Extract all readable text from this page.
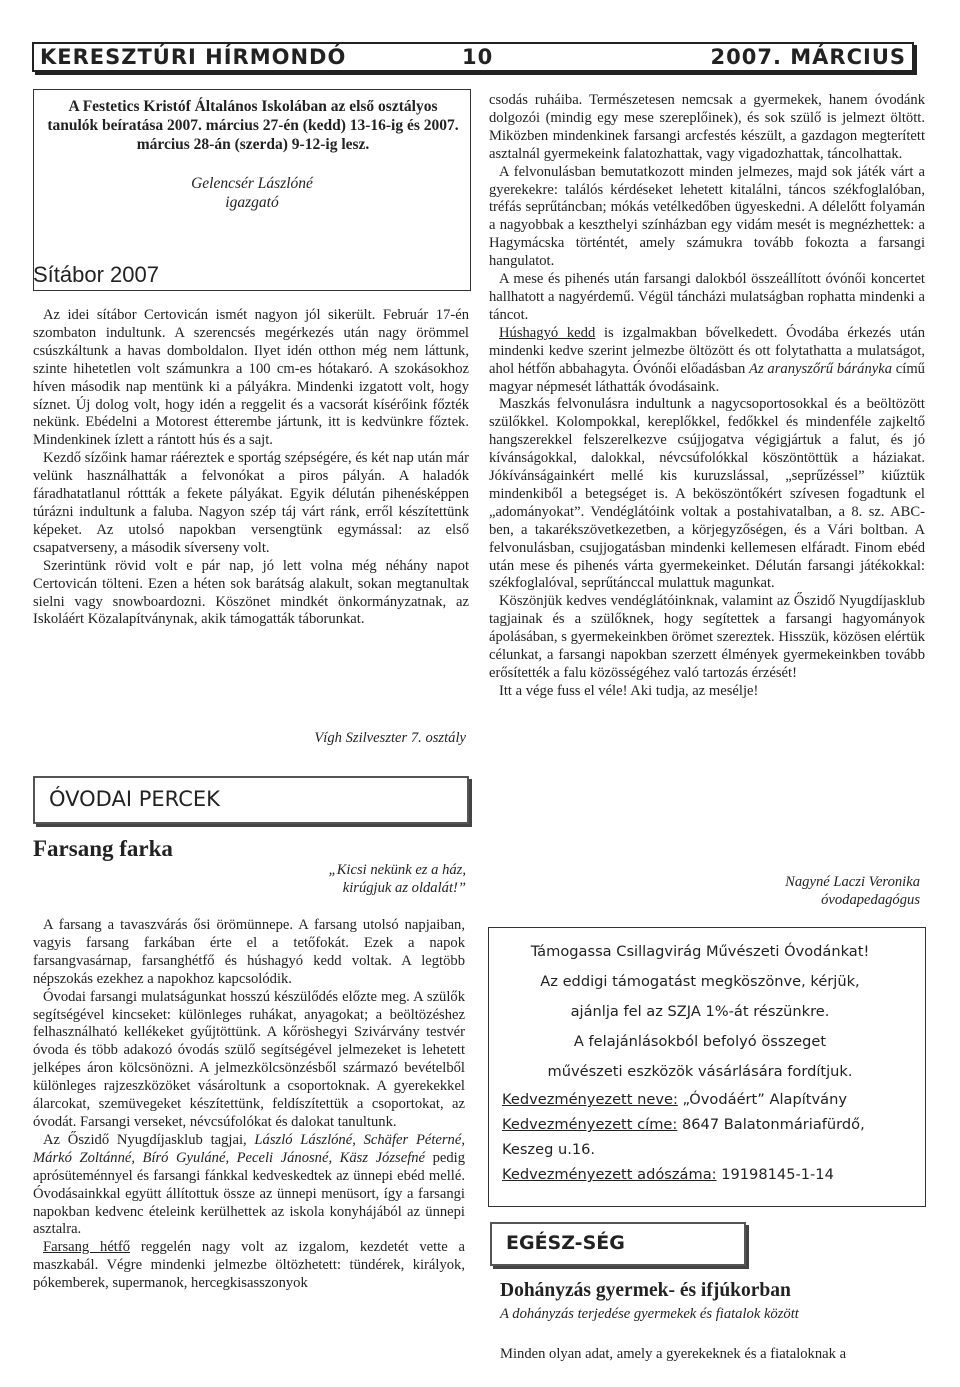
KERESZTÚRI HÍRMONDÓ	10	2007. MÁRCIUS
A Festetics Kristóf Általános Iskolában az első osztályos tanulók beíratása 2007. március 27-én (kedd) 13-16-ig és 2007. március 28-án (szerda) 9-12-ig lesz.
Gelencsér Lászlóné
igazgató
Sítábor 2007

Az idei sítábor Certovicán ismét nagyon jól sikerült. Február 17-én szombaton indultunk. A szerencsés megérkezés után nagy örömmel csúszkáltunk a havas domboldalon. Ilyet idén otthon még nem láttunk, szinte hihetetlen volt számunkra a 100 cm-es hótakaró. A szokásokhoz híven második nap mentünk ki a pályákra. Mindenki izgatott volt, hogy síznet. Új dolog volt, hogy idén a reggelit és a vacsorát kísérőink főzték nekünk. Ebédelni a Motorest étterembe jártunk, itt is kedvünkre főztek. Mindenkinek ízlett a rántott hús és a sajt.

Kezdő sízőink hamar ráéreztek e sportág szépségére, és két nap után már velünk használhatták a felvonókat a piros pályán. A haladók fáradhatatlanul róttták a fekete pályákat. Egyik délután pihenésképpen túrázni indultunk a faluba. Nagyon szép táj várt ránk, erről készítettünk képeket. Az utolsó napokban versengtünk egymással: az első csapatverseny, a második síverseny volt.

Szerintünk rövid volt e pár nap, jó lett volna még néhány napot Certovicán tölteni. Ezen a héten sok barátság alakult, sokan megtanultak sielni vagy snowboardozni. Köszönet mindkét önkormányzatnak, az Iskoláért Közalapítványnak, akik támogatták táborunkat.

Vígh Szilveszter 7. osztály
ÓVODAI PERCEK
Farsang farka
„Kicsi nekünk ez a ház,
kirúgjuk az oldalát!”

A farsang a tavaszvárás ősi örömünnepe. A farsang utolsó napjaiban, vagyis farsang farkában érte el a tetőfokát. Ezek a napok farsangvasárnap, farsanghétfő és húshagyó kedd voltak. A legtöbb népszokás ezekhez a napokhoz kapcsolódik.

Óvodai farsangi mulatságunkat hosszú készülődés előzte meg. A szülők segítségével kincseket: különleges ruhákat, anyagokat; a beöltözéshez felhasználható kellékeket gyűjtöttünk. A kőröshegyi Szivárvány testvér óvoda és több adakozó óvodás szülő segítségével jelmezeket is lehetett jelképes áron kölcsönözni. A jelmezkölcsönzésből származó bevételből különleges rajzeszközöket vásároltunk a csoportoknak. A gyerekekkel álarcokat, szemüvegeket készítettünk, feldíszítettük a csoportokat, az óvodát. Farsangi verseket, névcsúfolókat és dalokat tanultunk.

Az Őszidő Nyugdíjasklub tagjai, László Lászlóné, Schäfer Péterné, Márkó Zoltánné, Bíró Gyuláné, Peceli Jánosné, Käsz Józsefné pedig aprósüteménnyel és farsangi fánkkal kedveskedtek az ünnepi ebéd mellé. Óvodásainkkal együtt állítottuk össze az ünnepi menüsort, így a farsangi napokban kedvenc ételeink kerülhettek az iskola konyhájából az ünnepi asztalra.

Farsang hétfő reggelén nagy volt az izgalom, kezdetét vette a maszkabál. Végre mindenki jelmezbe öltözhetett: tündérek, királyok, pókemberek, supermanok, hercegkisasszonyok

csodás ruháiba. Természetesen nemcsak a gyermekek, hanem óvodánk dolgozói (mindig egy mese szereplőinek), és sok szülő is jelmezt öltött. Miközben mindenkinek farsangi arcfestés készült, a gazdagon megterített asztalnál gyermekeink falatozhattak, vagy vigadozhattak, táncolhattak.

A felvonulásban bemutatkozott minden jelmezes, majd sok játék várt a gyerekekre: találós kérdéseket lehetett kitalálni, táncos székfoglalóban, tréfás seprűtáncban; mókás vetélkedőben ügyeskedni. A délelőtt folyamán a nagyobbak a keszthelyi színházban egy vidám mesét is megnézhettek: a Hagymácska történtét, amely számukra tovább fokozta a farsangi hangulatot.

A mese és pihenés után farsangi dalokból összeállított óvónői koncertet hallhatott a nagyérdemű. Végül táncházi mulatságban rophatta mindenki a táncot.

Húshagyó kedd is izgalmakban bővelkedett. Óvodába érkezés után mindenki kedve szerint jelmezbe öltözött és ott folytathatta a mulatságot, ahol hétfőn abbahagyta. Óvónői előadásban Az aranyszőrű báránykа című magyar népmesét láthatták óvodásaink.

Maszkás felvonulásra indultunk a nagycsoportosokkal és a beöltözött szülőkkel. Kolompokkal, kereplőkkel, fedőkkel és mindenféle zajkeltő hangszerekkel felszerelkezve csújjogatva végigjártuk a falut, és jó kívánságokkal, dalokkal, névcsúfolókkal köszöntöttük a háziakat. Jókívánságainkért mellé kis kuruzslással, „seprűzéssel” kiűztük mindenkiből a betegséget is. A beköszöntőkért szívesen fogadtunk el „adományokat”. Vendéglátóink voltak a postahivatalban, a 8. sz. ABC-ben, a takarékszövetkezetben, a körjegyzőségen, és a Vári boltban. A felvonulásban, csujjogatásban mindenki kellemesen elfáradt. Finom ebéd után mese és pihenés várta gyermekeinket. Délután farsangi játékokkal: székfoglalóval, seprűtánccal mulattuk magunkat.

Köszönjük kedves vendéglátóinknak, valamint az Őszidő Nyugdíjasklub tagjainak és a szülőknek, hogy segítettek a farsangi hagyományok ápolásában, s gyermekeinkben örömet szereztek. Hisszük, közösen elértük célunkat, a farsangi napokban szerzett élmények gyermekeinkben tovább erősítették a falu közösségéhez való tartozás érzését!

Itt a vége fuss el véle! Aki tudja, az mesélje!

Nagyné Laczi Veronika
óvodapedagógus
Támogassa Csillagvirág Művészeti Óvodánkat!
Az eddigi támogatást megköszönve, kérjük,
ajánlja fel az SZJA 1%-át részünkre.
A felajánlásokból befolyó összeget
művészeti eszközök vásárlására fordítjuk.
Kedvezményezett neve: „Óvodáért” Alapítvány
Kedvezményezett címe: 8647 Balatonmáriafürdő,
Keszeg u.16.
Kedvezményezett adószáma: 19198145-1-14
EGÉSZ-SÉG
Dohányzás gyermek- és ifjúkorban
A dohányzás terjedése gyermekek és fiatalok között
Minden olyan adat, amely a gyerekeknek és a fiataloknak a
